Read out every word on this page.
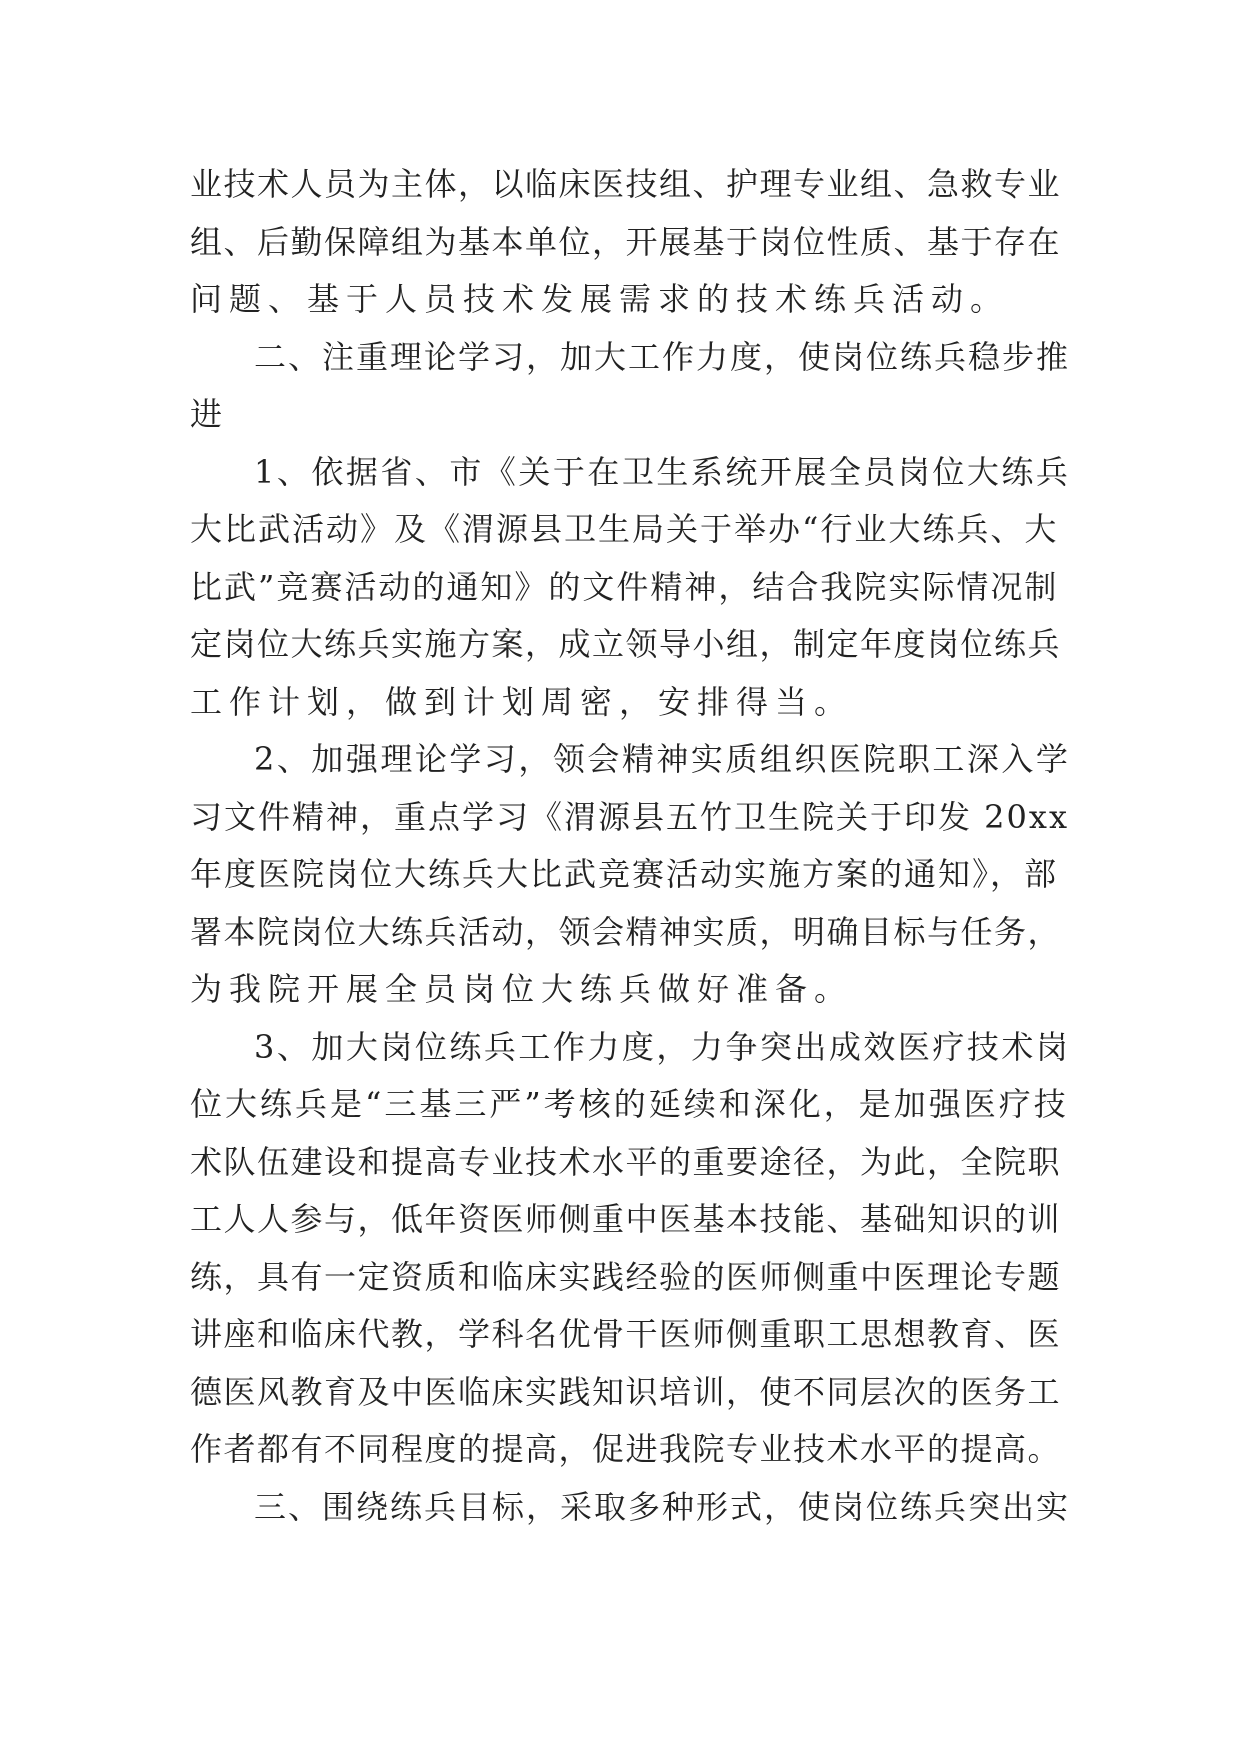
业技术人员为主体，以临床医技组、护理专业组、急救专业
组、后勤保障组为基本单位，开展基于岗位性质、基于存在
问题、基于人员技术发展需求的技术练兵活动。
二、注重理论学习，加大工作力度，使岗位练兵稳步推
进
1、依据省、市《关于在卫生系统开展全员岗位大练兵
大比武活动》及《渭源县卫生局关于举办“行业大练兵、大
比武”竞赛活动的通知》的文件精神，结合我院实际情况制
定岗位大练兵实施方案，成立领导小组，制定年度岗位练兵
工作计划，做到计划周密，安排得当。
2、加强理论学习，领会精神实质组织医院职工深入学
习文件精神，重点学习《渭源县五竹卫生院关于印发 20xx
年度医院岗位大练兵大比武竞赛活动实施方案的通知》，部
署本院岗位大练兵活动，领会精神实质，明确目标与任务，
为我院开展全员岗位大练兵做好准备。
3、加大岗位练兵工作力度，力争突出成效医疗技术岗
位大练兵是“三基三严”考核的延续和深化，是加强医疗技
术队伍建设和提高专业技术水平的重要途径，为此，全院职
工人人参与，低年资医师侧重中医基本技能、基础知识的训
练，具有一定资质和临床实践经验的医师侧重中医理论专题
讲座和临床代教，学科名优骨干医师侧重职工思想教育、医
德医风教育及中医临床实践知识培训，使不同层次的医务工
作者都有不同程度的提高，促进我院专业技术水平的提高。
三、围绕练兵目标，采取多种形式，使岗位练兵突出实
